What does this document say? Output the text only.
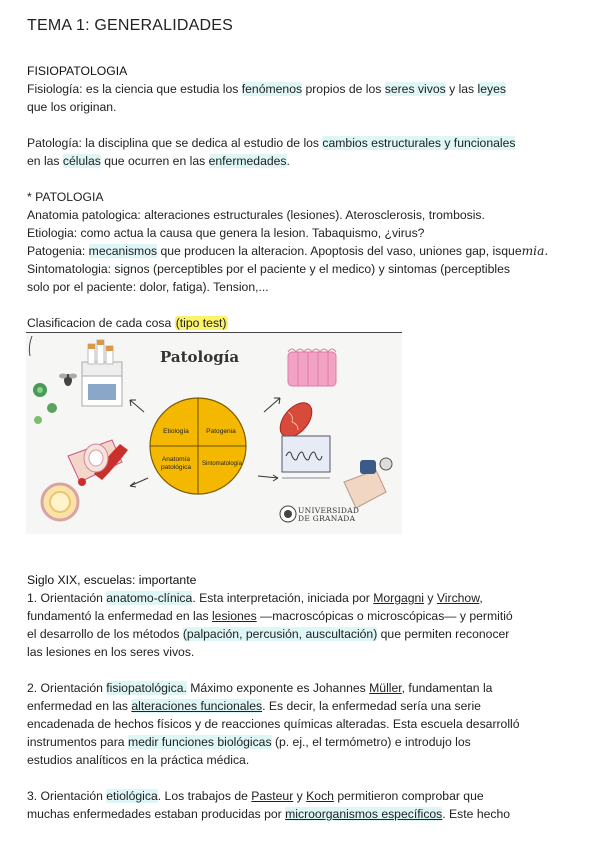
TEMA 1: GENERALIDADES
FISIOPATOLOGIA
Fisiología: es la ciencia que estudia los fenómenos propios de los seres vivos y las leyes
que los originan.
Patología: la disciplina que se dedica al estudio de los cambios estructurales y funcionales
en las células que ocurren en las enfermedades.
* PATOLOGIA
Anatomia patologica: alteraciones estructurales (lesiones). Aterosclerosis, trombosis.
Etiologia: como actua la causa que genera la lesion. Tabaquismo, ¿virus?
Patogenia: mecanismos que producen la alteracion. Apoptosis del vaso, uniones gap, isquemia.
Sintomatologia: signos (perceptibles por el paciente y el medico) y sintomas (perceptibles
solo por el paciente: dolor, fatiga). Tension,...
Clasificacion de cada cosa (tipo test)
Patología
Etiología	Patogenia
Anatomía patológica	Sintomatología
UNIVERSIDAD
DE GRANADA
Siglo XIX, escuelas: importante
1. Orientación anatomo-clínica. Esta interpretación, iniciada por Morgagni y Virchow,
fundamentó la enfermedad en las lesiones —macroscópicas o microscópicas— y permitió
el desarrollo de los métodos (palpación, percusión, auscultación) que permiten reconocer
las lesiones en los seres vivos.
2. Orientación fisiopatológica. Máximo exponente es Johannes Müller, fundamentan la
enfermedad en las alteraciones funcionales. Es decir, la enfermedad sería una serie
encadenada de hechos físicos y de reacciones químicas alteradas. Esta escuela desarrolló
instrumentos para medir funciones biológicas (p. ej., el termómetro) e introdujo los
estudios analíticos en la práctica médica.
3. Orientación etiológica. Los trabajos de Pasteur y Koch permitieron comprobar que
muchas enfermedades estaban producidas por microorganismos específicos. Este hecho
